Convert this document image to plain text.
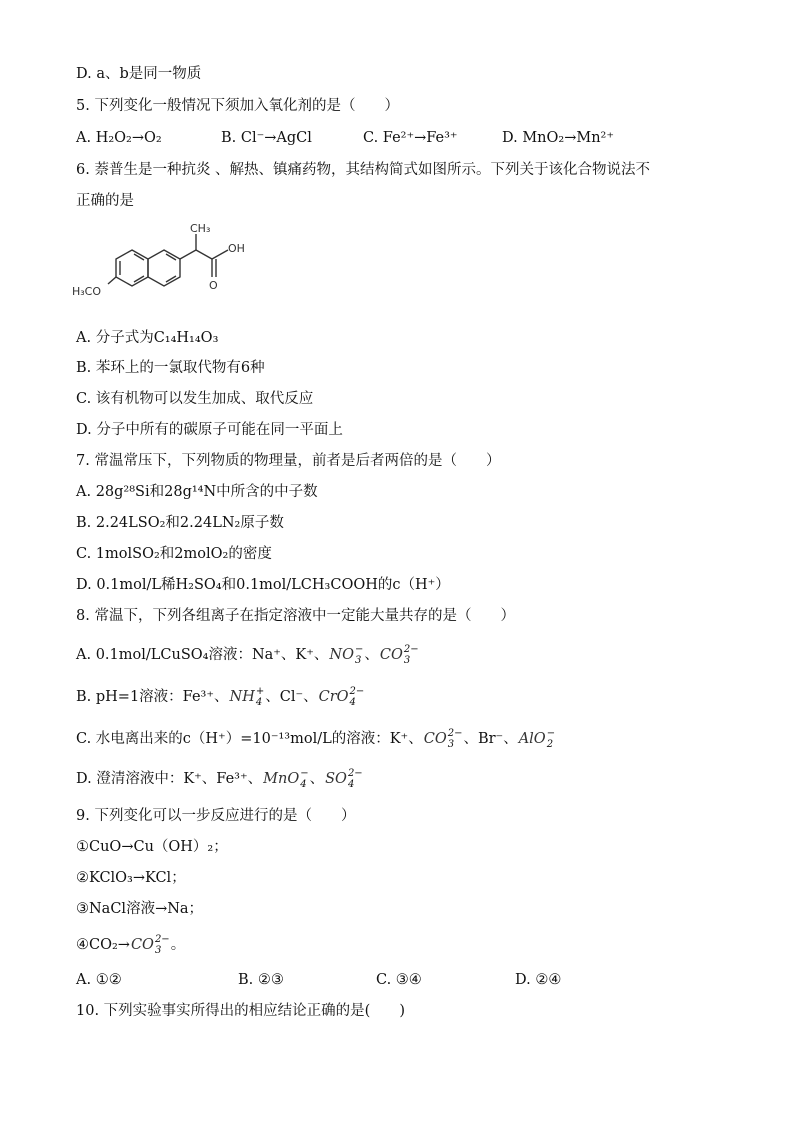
D. a、b是同一物质
5. 下列变化一般情况下须加入氧化剂的是（　　）
A. H₂O₂→O₂	B. Cl⁻→AgCl	C. Fe²⁺→Fe³⁺	D. MnO₂→Mn²⁺
6. 萘普生是一种抗炎 、解热、镇痛药物，其结构简式如图所示。下列关于该化合物说法不
正确的是
CH₃
OH
O
H₃CO
A. 分子式为C₁₄H₁₄O₃
B. 苯环上的一氯取代物有6种
C. 该有机物可以发生加成、取代反应
D. 分子中所有的碳原子可能在同一平面上
7. 常温常压下，下列物质的物理量，前者是后者两倍的是（　　）
A. 28g²⁸Si和28g¹⁴N中所含的中子数
B. 2.24LSO₂和2.24LN₂原子数
C. 1molSO₂和2molO₂的密度
D. 0.1mol/L稀H₂SO₄和0.1mol/LCH₃COOH的c（H⁺）
8. 常温下，下列各组离子在指定溶液中一定能大量共存的是（　　）
A. 0.1mol/LCuSO₄溶液：Na⁺、K⁺、 NO −
3 、 CO 2−
3
B. pH=1溶液：Fe³⁺、 NH +
4 、Cl⁻、 CrO 2−
4
C. 水电离出来的c（H⁺）=10⁻¹³mol/L的溶液：K⁺、 CO 2−
3 、Br⁻、 AlO −
2
D. 澄清溶液中：K⁺、Fe³⁺、 MnO −
4 、 SO 2−
4
9. 下列变化可以一步反应进行的是（　　）
①CuO→Cu（OH）₂；
②KClO₃→KCl；
③NaCl溶液→Na；
④CO₂→ CO 2−
3 。
A. ①②	B. ②③	C. ③④	D. ②④
10. 下列实验事实所得出的相应结论正确的是(　　)
